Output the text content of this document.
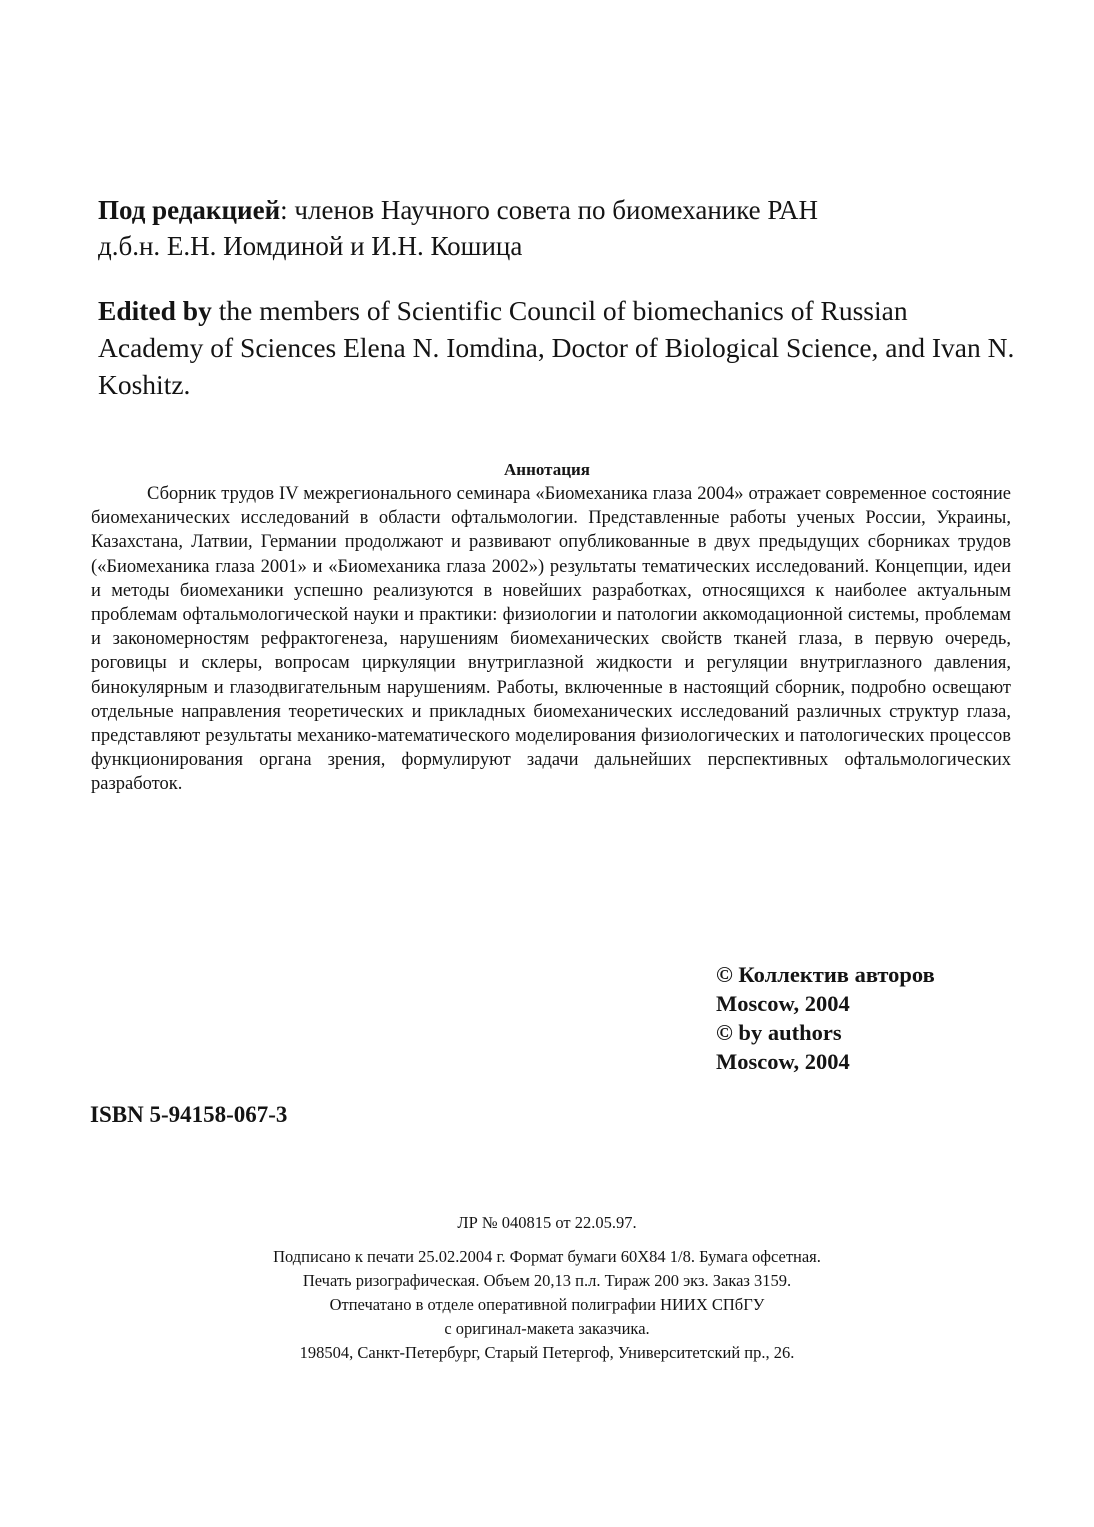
Под редакцией: членов Научного совета по биомеханике РАН
д.б.н. Е.Н. Иомдиной и И.Н. Кошица
Edited by the members of Scientific Council of biomechanics of Russian Academy of Sciences Elena N. Iomdina, Doctor of Biological Science, and Ivan N. Koshitz.
Аннотация

Сборник трудов IV межрегионального семинара «Биомеханика глаза 2004» отражает современное состояние биомеханических исследований в области офтальмологии. Представленные работы ученых России, Украины, Казахстана, Латвии, Германии продолжают и развивают опубликованные в двух предыдущих сборниках трудов («Биомеханика глаза 2001» и «Биомеханика глаза 2002») результаты тематических исследований. Концепции, идеи и методы биомеханики успешно реализуются в новейших разработках, относящихся к наиболее актуальным проблемам офтальмологической науки и практики: физиологии и патологии аккомодационной системы, проблемам и закономерностям рефрактогенеза, нарушениям биомеханических свойств тканей глаза, в первую очередь, роговицы и склеры, вопросам циркуляции внутриглазной жидкости и регуляции внутриглазного давления, бинокулярным и глазодвигательным нарушениям. Работы, включенные в настоящий сборник, подробно освещают отдельные направления теоретических и прикладных биомеханических исследований различных структур глаза, представляют результаты механико-математического моделирования физиологических и патологических процессов функционирования органа зрения, формулируют задачи дальнейших перспективных офтальмологических разработок.

© Коллектив авторов
Moscow, 2004
© by authors
Moscow, 2004
ISBN 5-94158-067-3
ЛР № 040815 от 22.05.97.
Подписано к печати 25.02.2004 г. Формат бумаги 60Х84 1/8. Бумага офсетная.
Печать ризографическая. Объем 20,13 п.л. Тираж 200 экз. Заказ 3159.
Отпечатано в отделе оперативной полиграфии НИИХ СПбГУ
с оригинал-макета заказчика.
198504, Санкт-Петербург, Старый Петергоф, Университетский пр., 26.
